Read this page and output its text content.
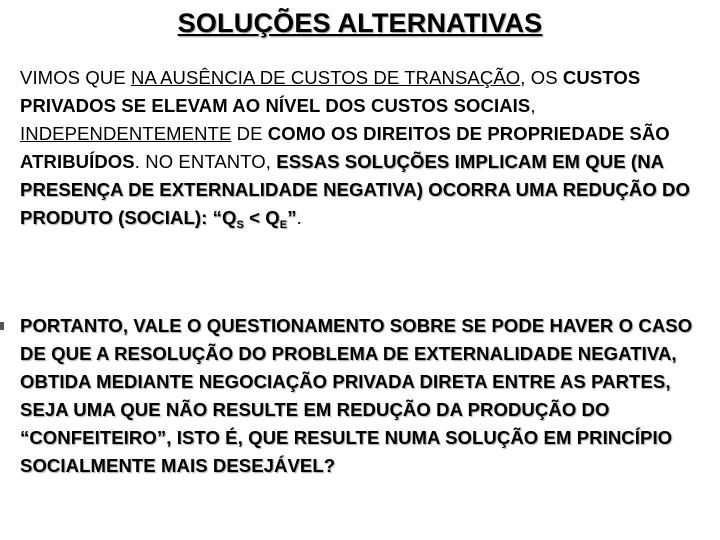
SOLUÇÕES ALTERNATIVAS
VIMOS QUE NA AUSÊNCIA DE CUSTOS DE TRANSAÇÃO, OS CUSTOS
PRIVADOS SE ELEVAM AO NÍVEL DOS CUSTOS SOCIAIS,
INDEPENDENTEMENTE DE COMO OS DIREITOS DE PROPRIEDADE SÃO ATRIBUÍDOS. NO ENTANTO, ESSAS SOLUÇÕES IMPLICAM EM QUE (NA PRESENÇA DE EXTERNALIDADE NEGATIVA) OCORRA UMA REDUÇÃO DO PRODUTO (SOCIAL): “$Q_S < Q_E$”.
PORTANTO, VALE O QUESTIONAMENTO SOBRE SE PODE HAVER O CASO DE QUE A RESOLUÇÃO DO PROBLEMA DE EXTERNALIDADE NEGATIVA, OBTIDA MEDIANTE NEGOCIAÇÃO PRIVADA DIRETA ENTRE AS PARTES, SEJA UMA QUE NÃO RESULTE EM REDUÇÃO DA PRODUÇÃO DO “CONFEITEIRO”, ISTO É, QUE RESULTE NUMA SOLUÇÃO EM PRINCÍPIO SOCIALMENTE MAIS DESEJÁVEL?
